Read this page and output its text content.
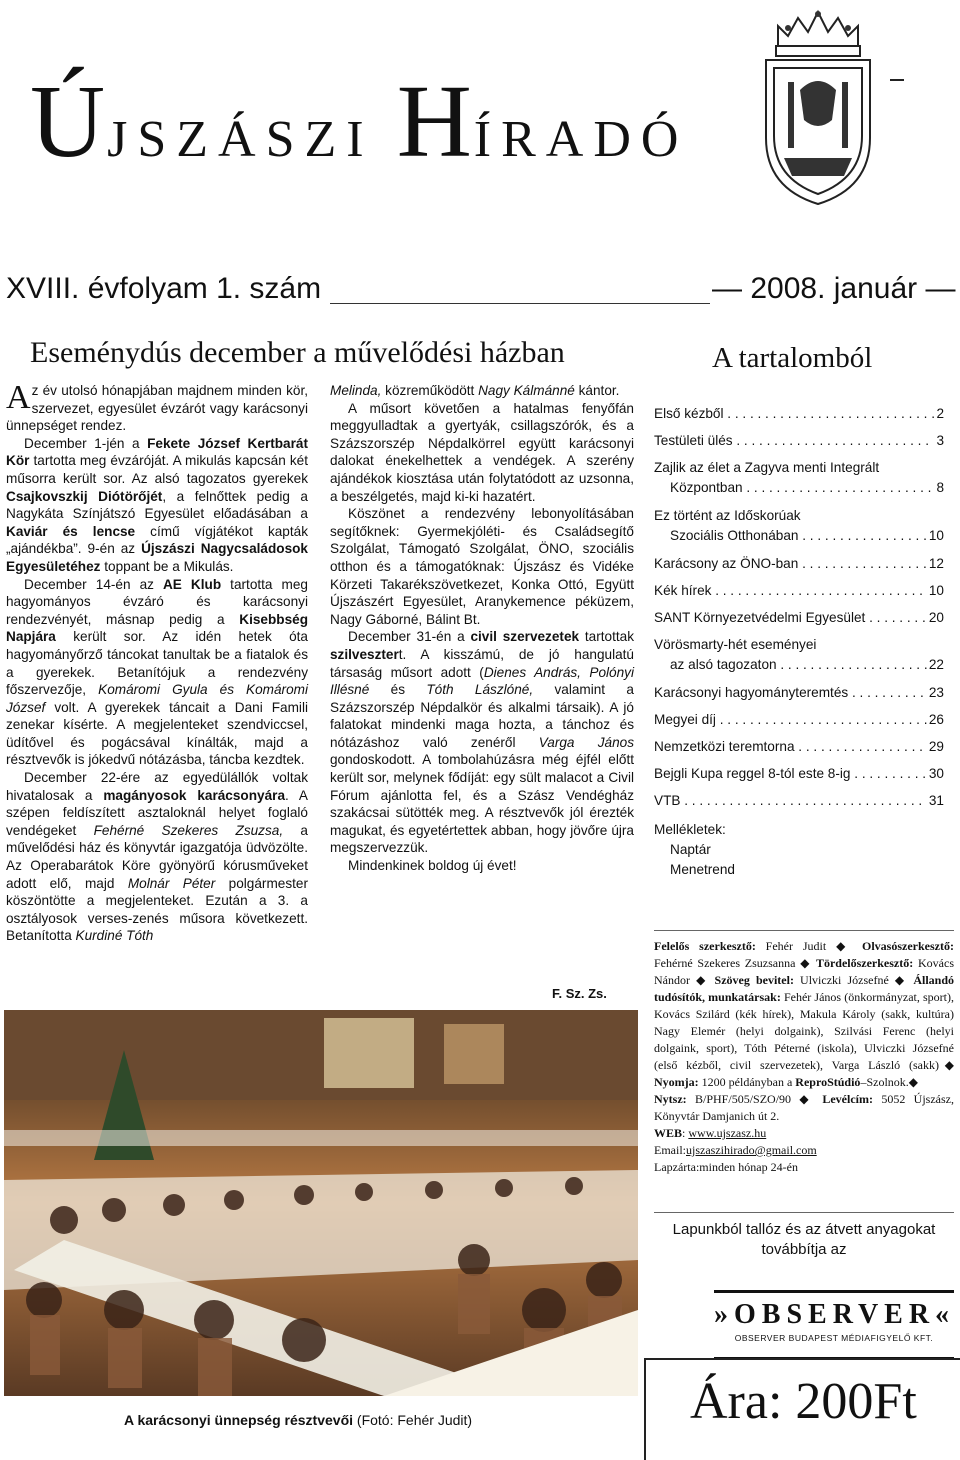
ÚJSZÁSZI HÍRADÓ
XVIII. évfolyam 1. szám	— 2008. január —
Eseménydús december a művelődési házban

Az év utolsó hónapjában majdnem minden kör, szervezet, egyesület évzárót vagy karácsonyi ünnepséget rendez.

December 1-jén a Fekete József Kertbarát Kör tartotta meg évzáróját. A mikulás kapcsán két műsorra került sor. Az alsó tagozatos gyerekek Csajkovszkij Diótörőjét, a felnőttek pedig a Nagykáta Színjátszó Egyesület előadásában a Kaviár és lencse című vígjátékot kapták „ajándékba”. 9-én az Újszászi Nagycsaládosok Egyesületéhez toppant be a Mikulás.

December 14-én az AE Klub tartotta meg hagyományos évzáró és karácsonyi rendezvényét, másnap pedig a Kisebbség Napjára került sor. Az idén hetek óta hagyományőrző táncokat tanultak be a fiatalok és a gyerekek. Betanítójuk a rendezvény főszervezője, Komáromi Gyula és Komáromi József volt. A gyerekek táncait a Dani Famili zenekar kísérte. A megjelenteket szendviccsel, üdítővel és pogácsával kínálták, majd a résztvevők is jókedvű nótázásba, táncba kezdtek.

December 22-ére az egyedülállók voltak hivatalosak a magányosok karácsonyára. A szépen feldíszített asztaloknál helyet foglaló vendégeket Fehérné Szekeres Zsuzsa, a művelődési ház és könyvtár igazgatója üdvözölte. Az Operabarátok Köre gyönyörű kórusműveket adott elő, majd Molnár Péter polgármester köszöntötte a megjelenteket. Ezután a 3. a osztályosok verses-zenés műsora következett. Betanította Kurdiné Tóth

Melinda, közreműködött Nagy Kálmánné kántor.

A műsort követően a hatalmas fenyőfán meggyulladtak a gyertyák, csillagszórók, és a Százszorszép Népdalkörrel együtt karácsonyi dalokat énekelhettek a vendégek. A szerény ajándékok kiosztása után folytatódott az uzsonna, a beszélgetés, majd ki-ki hazatért.

Köszönet a rendezvény lebonyolításában segítőknek: Gyermekjóléti- és Családsegítő Szolgálat, Támogató Szolgálat, ÖNO, szociális otthon és a támogatóknak: Újszász és Vidéke Körzeti Takarékszövetkezet, Konka Ottó, Együtt Újszászért Egyesület, Aranykemence péküzem, Nagy Gáborné, Bálint Bt.

December 31-én a civil szervezetek tartottak szilvesztert. A kisszámú, de jó hangulatú társaság műsort adott (Dienes András, Polónyi Illésné és Tóth Lászlóné, valamint a Százszorszép Népdalkör és alkalmi társaik). A jó falatokat mindenki maga hozta, a tánchoz és nótázáshoz való zenéről Varga János gondoskodott. A tombolahúzásra még éjfél előtt került sor, melynek fődíját: egy sült malacot a Civil Fórum ajánlotta fel, és a Szász Vendégház szakácsai sütötték meg. A résztvevők jól érezték magukat, és egyetértettek abban, hogy jövőre újra megszervezzük.

Mindenkinek boldog új évet!

F. Sz. Zs.
A tartalomból
Első kézből . . .	2
Testületi ülés . . .	3
Zajlik az élet a Zagyva menti Integrált
Központban . . .	8
Ez történt az Időskorúak
Szociális Otthonában . . .	10
Karácsony az ÖNO-ban . . .	12
Kék hírek . . .	10
SANT Környezetvédelmi Egyesület . . .	20
Vörösmarty-hét eseményei
az alsó tagozaton . . .	22
Karácsonyi hagyományteremtés . . .	23
Megyei díj . . .	26
Nemzetközi teremtorna . . .	29
Bejgli Kupa reggel 8-tól este 8-ig . . .	30
VTB . . .	31
Mellékletek:
Naptár
Menetrend
Felelős szerkesztő: Fehér Judit ◆ Olvasószerkesztő: Fehérné Szekeres Zsuzsanna ◆ Tördelőszerkesztő: Kovács Nándor ◆ Szöveg bevitel: Ulviczki Józsefné ◆ Állandó tudósítók, munkatársak: Fehér János (önkormányzat, sport), Kovács Szilárd (kék hírek), Makula Károly (sakk, kultúra) Nagy Elemér (helyi dolgaink), Szilvási Ferenc (helyi dolgaink, sport), Tóth Péterné (iskola), Ulviczki Józsefné (első kézből, civil szervezetek), Varga László (sakk)◆ Nyomja: 1200 példányban a ReproStúdió–Szolnok.◆
Nytsz: B/PHF/505/SZO/90 ◆ Levélcím: 5052 Újszász, Könyvtár Damjanich út 2.
WEB: www.ujszasz.hu
Email:ujszaszihirado@gmail.com
Lapzárta:minden hónap 24-én
Lapunkból tallóz és az átvett anyagokat továbbítja az
»OBSERVER«
OBSERVER BUDAPEST MÉDIAFIGYELŐ KFT.
A karácsonyi ünnepség résztvevői (Fotó: Fehér Judit)	Ára: 200Ft
